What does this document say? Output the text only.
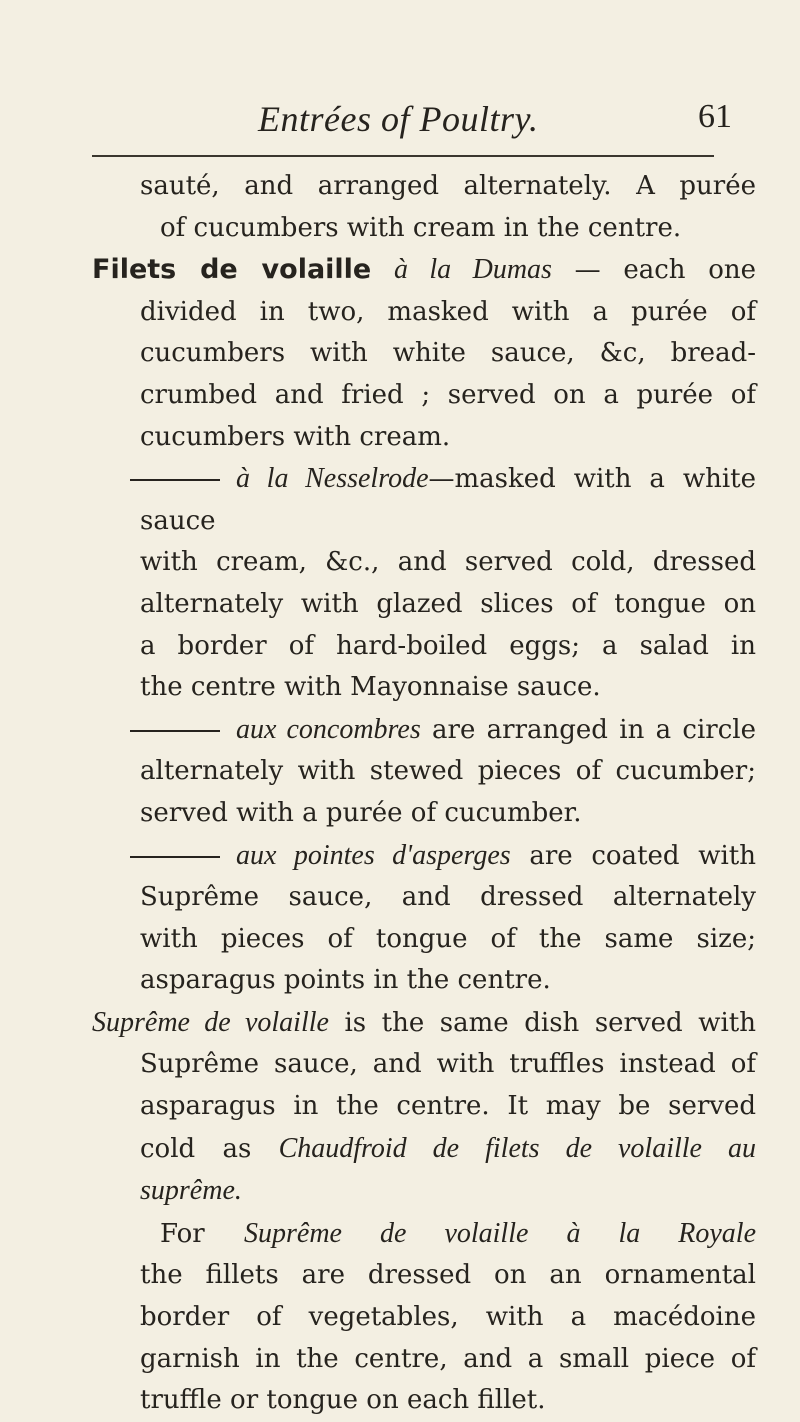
Entrées of Poultry.	61
sauté, and arranged alternately. A purée
of cucumbers with cream in the centre.
Filets de volaille à la Dumas — each one
divided in two, masked with a purée of
cucumbers with white sauce, &c, bread-
crumbed and fried ; served on a purée of
cucumbers with cream.
à la Nesselrode—masked with a white sauce
with cream, &c., and served cold, dressed
alternately with glazed slices of tongue on
a border of hard-boiled eggs; a salad in
the centre with Mayonnaise sauce.
aux concombres are arranged in a circle
alternately with stewed pieces of cucumber;
served with a purée of cucumber.
aux pointes d'asperges are coated with
Suprême sauce, and dressed alternately
with pieces of tongue of the same size;
asparagus points in the centre.
Suprême de volaille is the same dish served with
Suprême sauce, and with truffles instead of
asparagus in the centre. It may be served
cold as Chaudfroid de filets de volaille au
suprême.
For Suprême de volaille à la Royale
the fillets are dressed on an ornamental
border of vegetables, with a macédoine
garnish in the centre, and a small piece of
truffle or tongue on each fillet.
